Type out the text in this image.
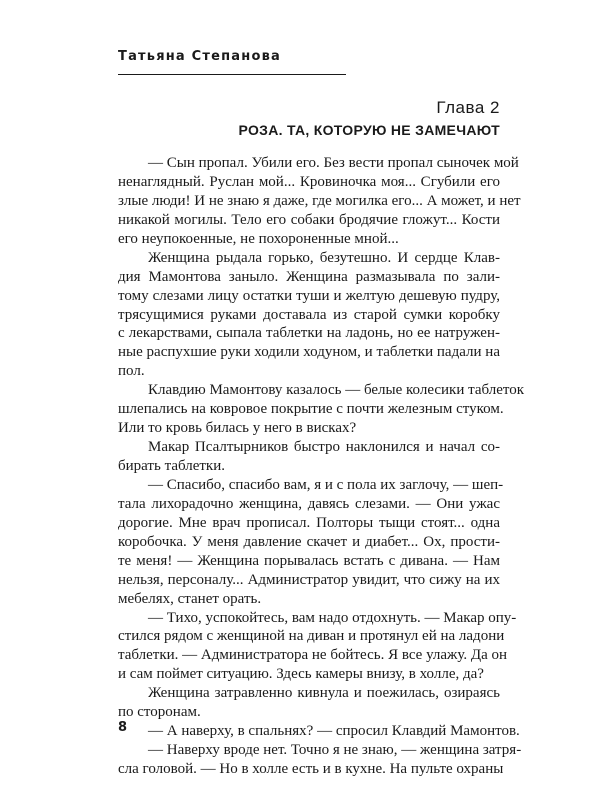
Татьяна Степанова
Глава 2
РОЗА. ТА, КОТОРУЮ НЕ ЗАМЕЧАЮТ
— Сын пропал. Убили его. Без вести пропал сыночек мой
ненаглядный. Руслан мой... Кровиночка моя... Сгубили его
злые люди! И не знаю я даже, где могилка его... А может, и нет
никакой могилы. Тело его собаки бродячие гложут... Кости
его неупокоенные, не похороненные мной...
Женщина рыдала горько, безутешно. И сердце Клав-
дия Мамонтова заныло. Женщина размазывала по зали-
тому слезами лицу остатки туши и желтую дешевую пудру,
трясущимися руками доставала из старой сумки коробку
с лекарствами, сыпала таблетки на ладонь, но ее натружен-
ные распухшие руки ходили ходуном, и таблетки падали на
пол.
Клавдию Мамонтову казалось — белые колесики таблеток
шлепались на ковровое покрытие с почти железным стуком.
Или то кровь билась у него в висках?
Макар Псалтырников быстро наклонился и начал со-
бирать таблетки.
— Спасибо, спасибо вам, я и с пола их заглочу, — шеп-
тала лихорадочно женщина, давясь слезами. — Они ужас
дорогие. Мне врач прописал. Полторы тыщи стоят... одна
коробочка. У меня давление скачет и диабет... Ох, прости-
те меня! — Женщина порывалась встать с дивана. — Нам
нельзя, персоналу... Администратор увидит, что сижу на их
мебелях, станет орать.
— Тихо, успокойтесь, вам надо отдохнуть. — Макар опу-
стился рядом с женщиной на диван и протянул ей на ладони
таблетки. — Администратора не бойтесь. Я все улажу. Да он
и сам поймет ситуацию. Здесь камеры внизу, в холле, да?
Женщина затравленно кивнула и поежилась, озираясь
по сторонам.
— А наверху, в спальнях? — спросил Клавдий Мамонтов.
— Наверху вроде нет. Точно я не знаю, — женщина затря-
сла головой. — Но в холле есть и в кухне. На пульте охраны
8
